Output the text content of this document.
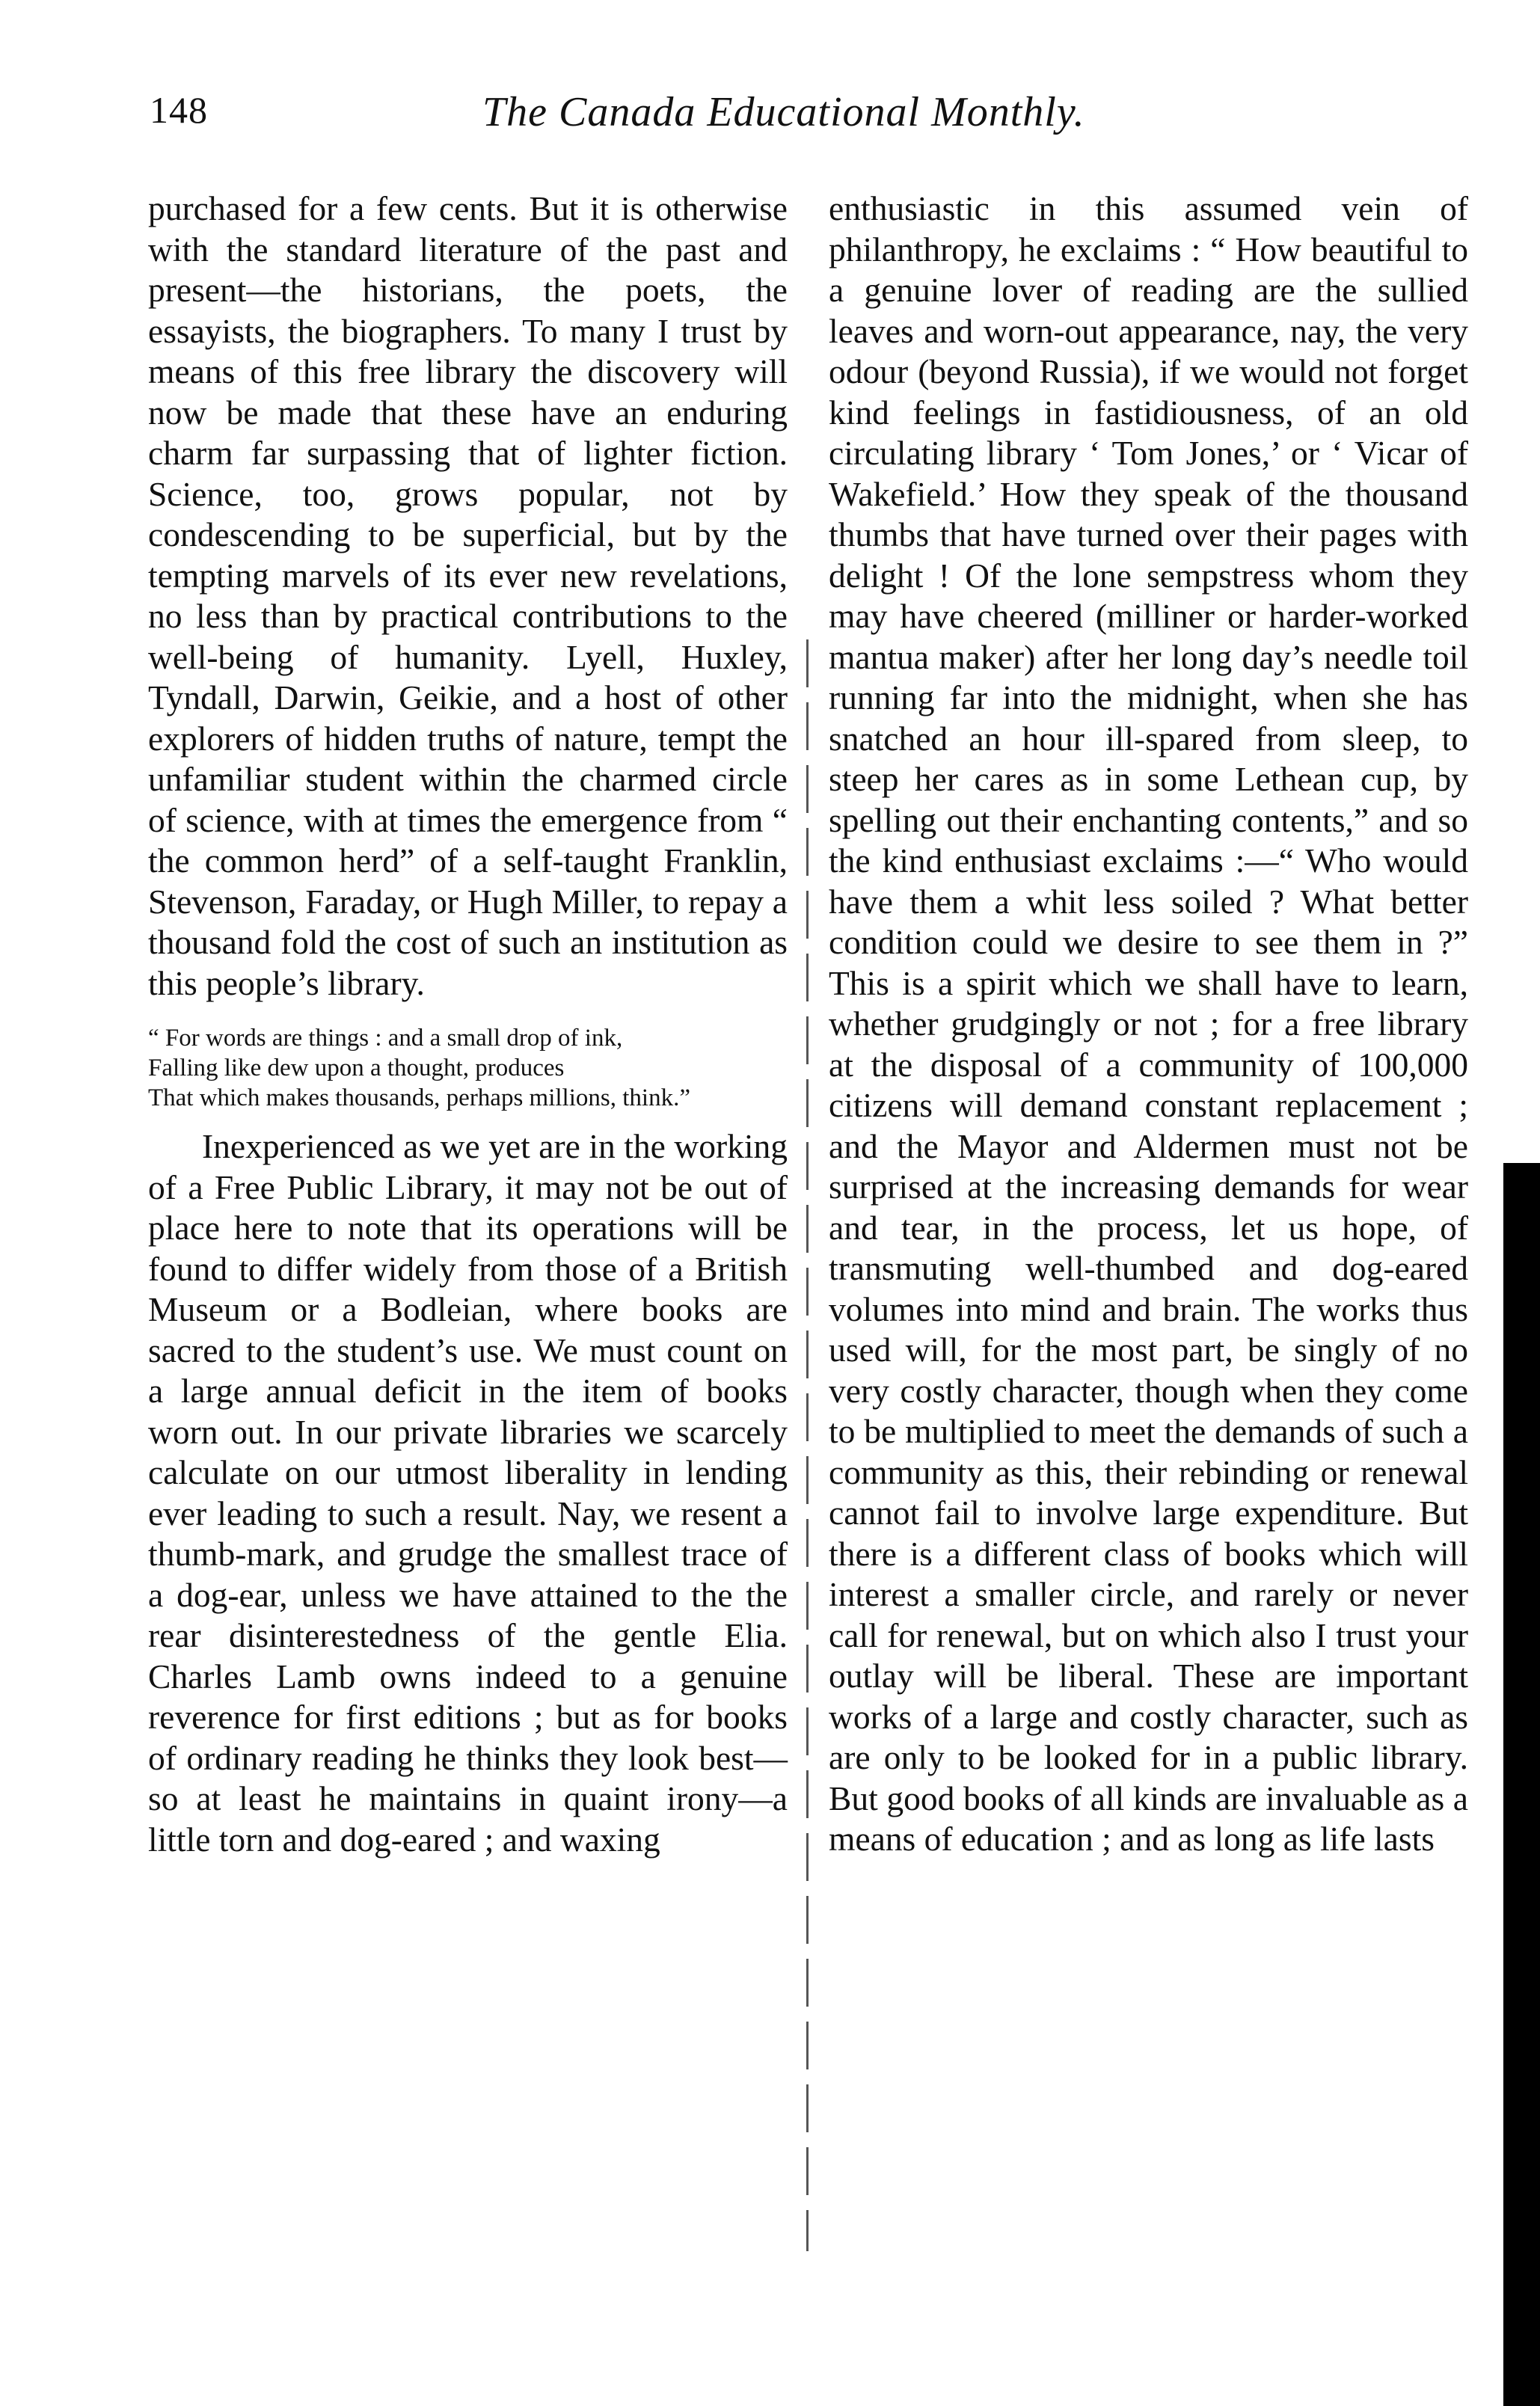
148	The Canada Educational Monthly.

purchased for a few cents. But it is otherwise with the standard literature of the past and present—the historians, the poets, the essayists, the biographers. To many I trust by means of this free library the discovery will now be made that these have an enduring charm far surpassing that of lighter fiction. Science, too, grows popular, not by condescending to be superficial, but by the tempting marvels of its ever new revelations, no less than by practical contributions to the well-being of humanity. Lyell, Huxley, Tyndall, Darwin, Geikie, and a host of other explorers of hidden truths of nature, tempt the unfamiliar student within the charmed circle of science, with at times the emergence from “ the common herd” of a self-taught Franklin, Stevenson, Faraday, or Hugh Miller, to repay a thousand fold the cost of such an institution as this people’s library.

“ For words are things : and a small drop of ink,
Falling like dew upon a thought, produces
That which makes thousands, perhaps millions, think.”

Inexperienced as we yet are in the working of a Free Public Library, it may not be out of place here to note that its operations will be found to differ widely from those of a British Museum or a Bodleian, where books are sacred to the student’s use. We must count on a large annual deficit in the item of books worn out. In our private libraries we scarcely calculate on our utmost liberality in lending ever leading to such a result. Nay, we resent a thumb-mark, and grudge the smallest trace of a dog-ear, unless we have attained to the the rear disinterestedness of the gentle Elia. Charles Lamb owns indeed to a genuine reverence for first editions ; but as for books of ordinary reading he thinks they look best—so at least he maintains in quaint irony—a little torn and dog-eared ; and waxing

enthusiastic in this assumed vein of philanthropy, he exclaims : “ How beautiful to a genuine lover of reading are the sullied leaves and worn-out appearance, nay, the very odour (beyond Russia), if we would not forget kind feelings in fastidiousness, of an old circulating library ‘ Tom Jones,’ or ‘ Vicar of Wakefield.’ How they speak of the thousand thumbs that have turned over their pages with delight ! Of the lone sempstress whom they may have cheered (milliner or harder-worked mantua maker) after her long day’s needle toil running far into the midnight, when she has snatched an hour ill-spared from sleep, to steep her cares as in some Lethean cup, by spelling out their enchanting contents,” and so the kind enthusiast exclaims :—“ Who would have them a whit less soiled ? What better condition could we desire to see them in ?” This is a spirit which we shall have to learn, whether grudgingly or not ; for a free library at the disposal of a community of 100,000 citizens will demand constant replacement ; and the Mayor and Aldermen must not be surprised at the increasing demands for wear and tear, in the process, let us hope, of transmuting well-thumbed and dog-eared volumes into mind and brain. The works thus used will, for the most part, be singly of no very costly character, though when they come to be multiplied to meet the demands of such a community as this, their rebinding or renewal cannot fail to involve large expenditure. But there is a different class of books which will interest a smaller circle, and rarely or never call for renewal, but on which also I trust your outlay will be liberal. These are important works of a large and costly character, such as are only to be looked for in a public library. But good books of all kinds are invaluable as a means of education ; and as long as life lasts
